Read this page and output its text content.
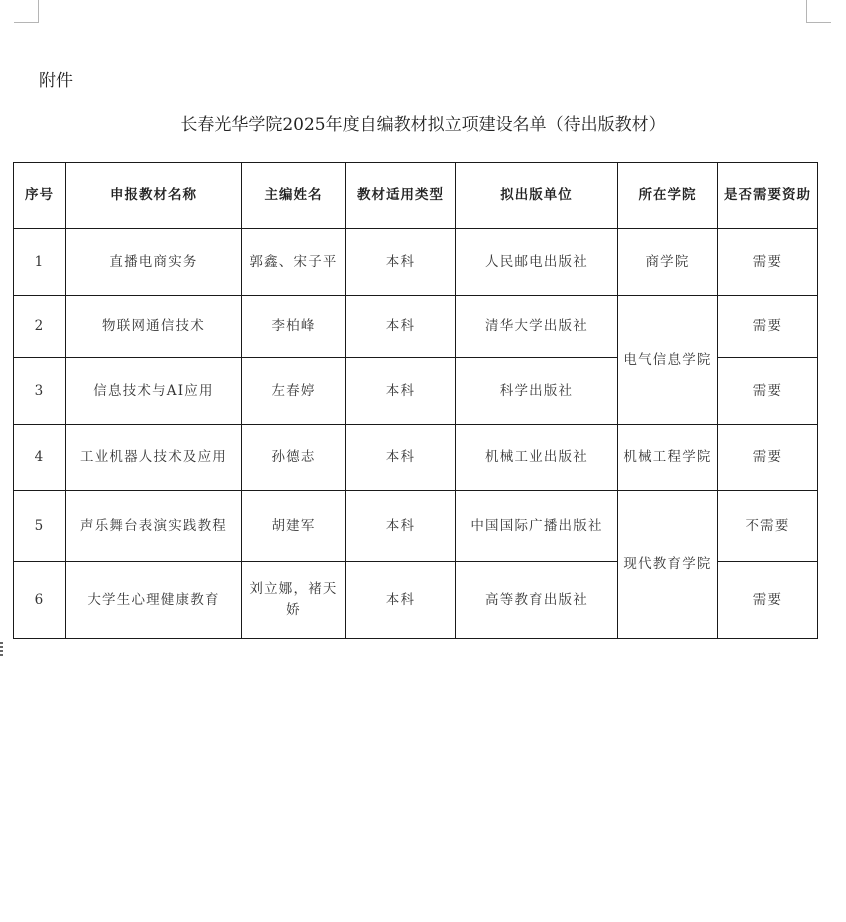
附件
长春光华学院2025年度自编教材拟立项建设名单（待出版教材）
序号	申报教材名称	主编姓名	教材适用类型	拟出版单位	所在学院	是否需要资助
1	直播电商实务	郭鑫、宋子平	本科	人民邮电出版社	商学院	需要
2	物联网通信技术	李柏峰	本科	清华大学出版社	电气信息学院	需要
3	信息技术与AI应用	左春婷	本科	科学出版社		需要
4	工业机器人技术及应用	孙德志	本科	机械工业出版社	机械工程学院	需要
5	声乐舞台表演实践教程	胡建军	本科	中国国际广播出版社	现代教育学院	不需要
6	大学生心理健康教育	刘立娜，褚天娇	本科	高等教育出版社		需要
